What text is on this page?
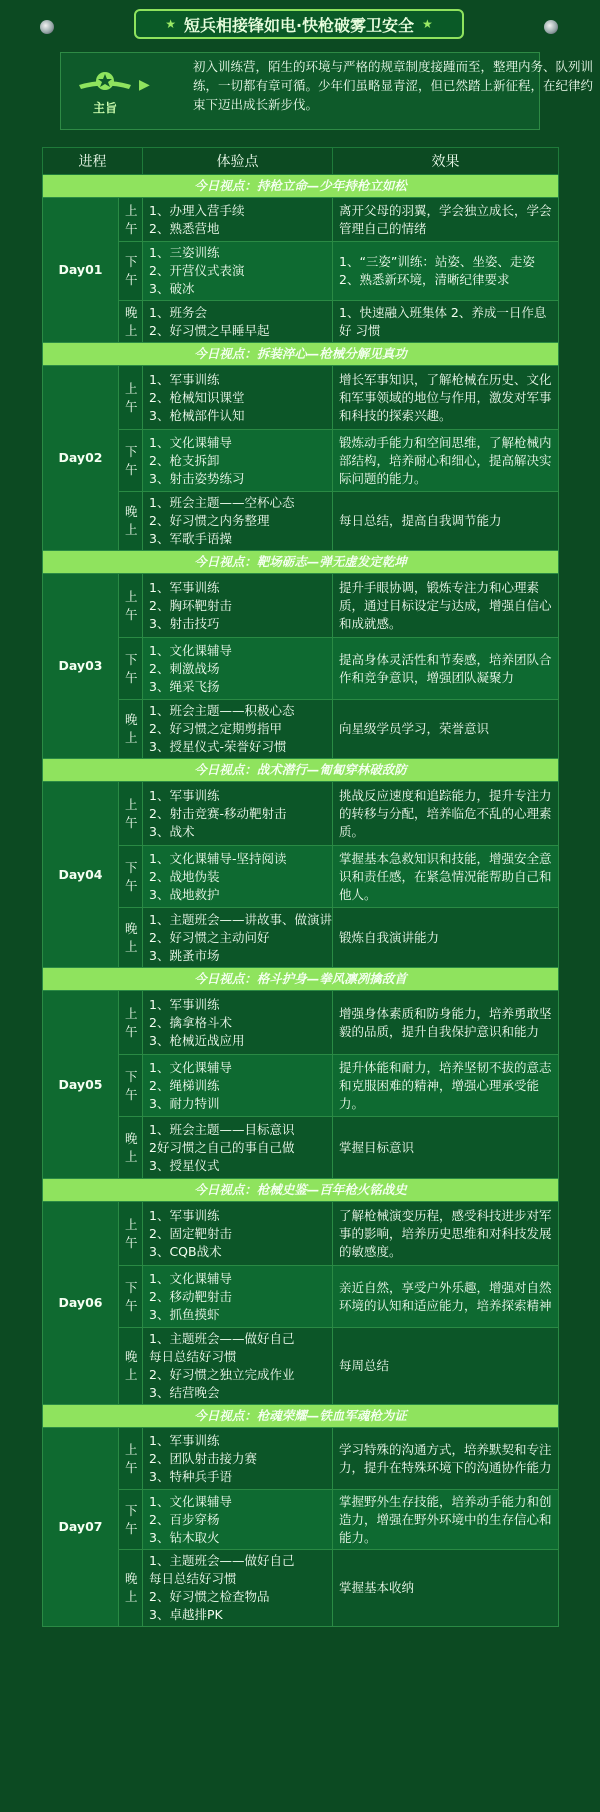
★ 短兵相接锋如电·快枪破雾卫安全 ★
主旨
▶
初入训练营，陌生的环境与严格的规章制度接踵而至，整理内务、队列训练，一切都有章可循。少年们虽略显青涩，但已然踏上新征程，在纪律约束下迈出成长新步伐。
进程		体验点	效果
今日视点：持枪立命—少年持枪立如松			
Day01	上午	1、办理入营手续
2、熟悉营地	离开父母的羽翼，学会独立成长，学会管理自己的情绪
	下午	1、三姿训练
2、开营仪式表演
3、破冰	1、“三姿”训练：站姿、坐姿、走姿 2、熟悉新环境，清晰纪律要求
	晚上	1、班务会
2、好习惯之早睡早起	1、快速融入班集体 2、养成一日作息好 习惯
今日视点：拆装淬心—枪械分解见真功			
Day02	上午	1、军事训练
2、枪械知识课堂
3、枪械部件认知	增长军事知识，了解枪械在历史、文化和军事领域的地位与作用，激发对军事和科技的探索兴趣。
	下午	1、文化课辅导
2、枪支拆卸
3、射击姿势练习	锻炼动手能力和空间思维，了解枪械内部结构，培养耐心和细心，提高解决实际问题的能力。
	晚上	1、班会主题——空杯心态
2、好习惯之内务整理
3、军歌手语操	每日总结，提高自我调节能力
今日视点：靶场砺志—弹无虚发定乾坤			
Day03	上午	1、军事训练
2、胸环靶射击
3、射击技巧	提升手眼协调，锻炼专注力和心理素质，通过目标设定与达成，增强自信心和成就感。
	下午	1、文化课辅导
2、刺激战场
3、绳采飞扬	提高身体灵活性和节奏感，培养团队合作和竞争意识，增强团队凝聚力
	晚上	1、班会主题——积极心态
2、好习惯之定期剪指甲
3、授星仪式-荣誉好习惯	向星级学员学习，荣誉意识
今日视点：战术潜行—匍匐穿林破敌防			
Day04	上午	1、军事训练
2、射击竞赛-移动靶射击
3、战术	挑战反应速度和追踪能力，提升专注力的转移与分配，培养临危不乱的心理素质。
	下午	1、文化课辅导-坚持阅读
2、战地伪装
3、战地救护	掌握基本急救知识和技能，增强安全意识和责任感，在紧急情况能帮助自己和他人。
	晚上	1、主题班会——讲故事、做演讲
2、好习惯之主动问好
3、跳蚤市场	锻炼自我演讲能力
今日视点：格斗护身—拳风凛冽擒敌首			
Day05	上午	1、军事训练
2、擒拿格斗术
3、枪械近战应用	增强身体素质和防身能力，培养勇敢坚毅的品质，提升自我保护意识和能力
	下午	1、文化课辅导
2、绳梯训练
3、耐力特训	提升体能和耐力，培养坚韧不拔的意志和克服困难的精神，增强心理承受能力。
	晚上	1、班会主题——目标意识
2好习惯之自己的事自己做
3、授星仪式	掌握目标意识
今日视点：枪械史鉴—百年枪火铭战史			
Day06	上午	1、军事训练
2、固定靶射击
3、CQB战术	了解枪械演变历程，感受科技进步对军事的影响，培养历史思维和对科技发展的敏感度。
	下午	1、文化课辅导
2、移动靶射击
3、抓鱼摸虾	亲近自然，享受户外乐趣，增强对自然环境的认知和适应能力，培养探索精神
	晚上	1、主题班会——做好自己
每日总结好习惯
2、好习惯之独立完成作业
3、结营晚会	每周总结
今日视点：枪魂荣耀—铁血军魂枪为证			
Day07	上午	1、军事训练
2、团队射击接力赛
3、特种兵手语	学习特殊的沟通方式，培养默契和专注力，提升在特殊环境下的沟通协作能力
	下午	1、文化课辅导
2、百步穿杨
3、钻木取火	掌握野外生存技能，培养动手能力和创造力，增强在野外环境中的生存信心和能力。
	晚上	1、主题班会——做好自己
每日总结好习惯
2、好习惯之检查物品
3、卓越排PK	掌握基本收纳
